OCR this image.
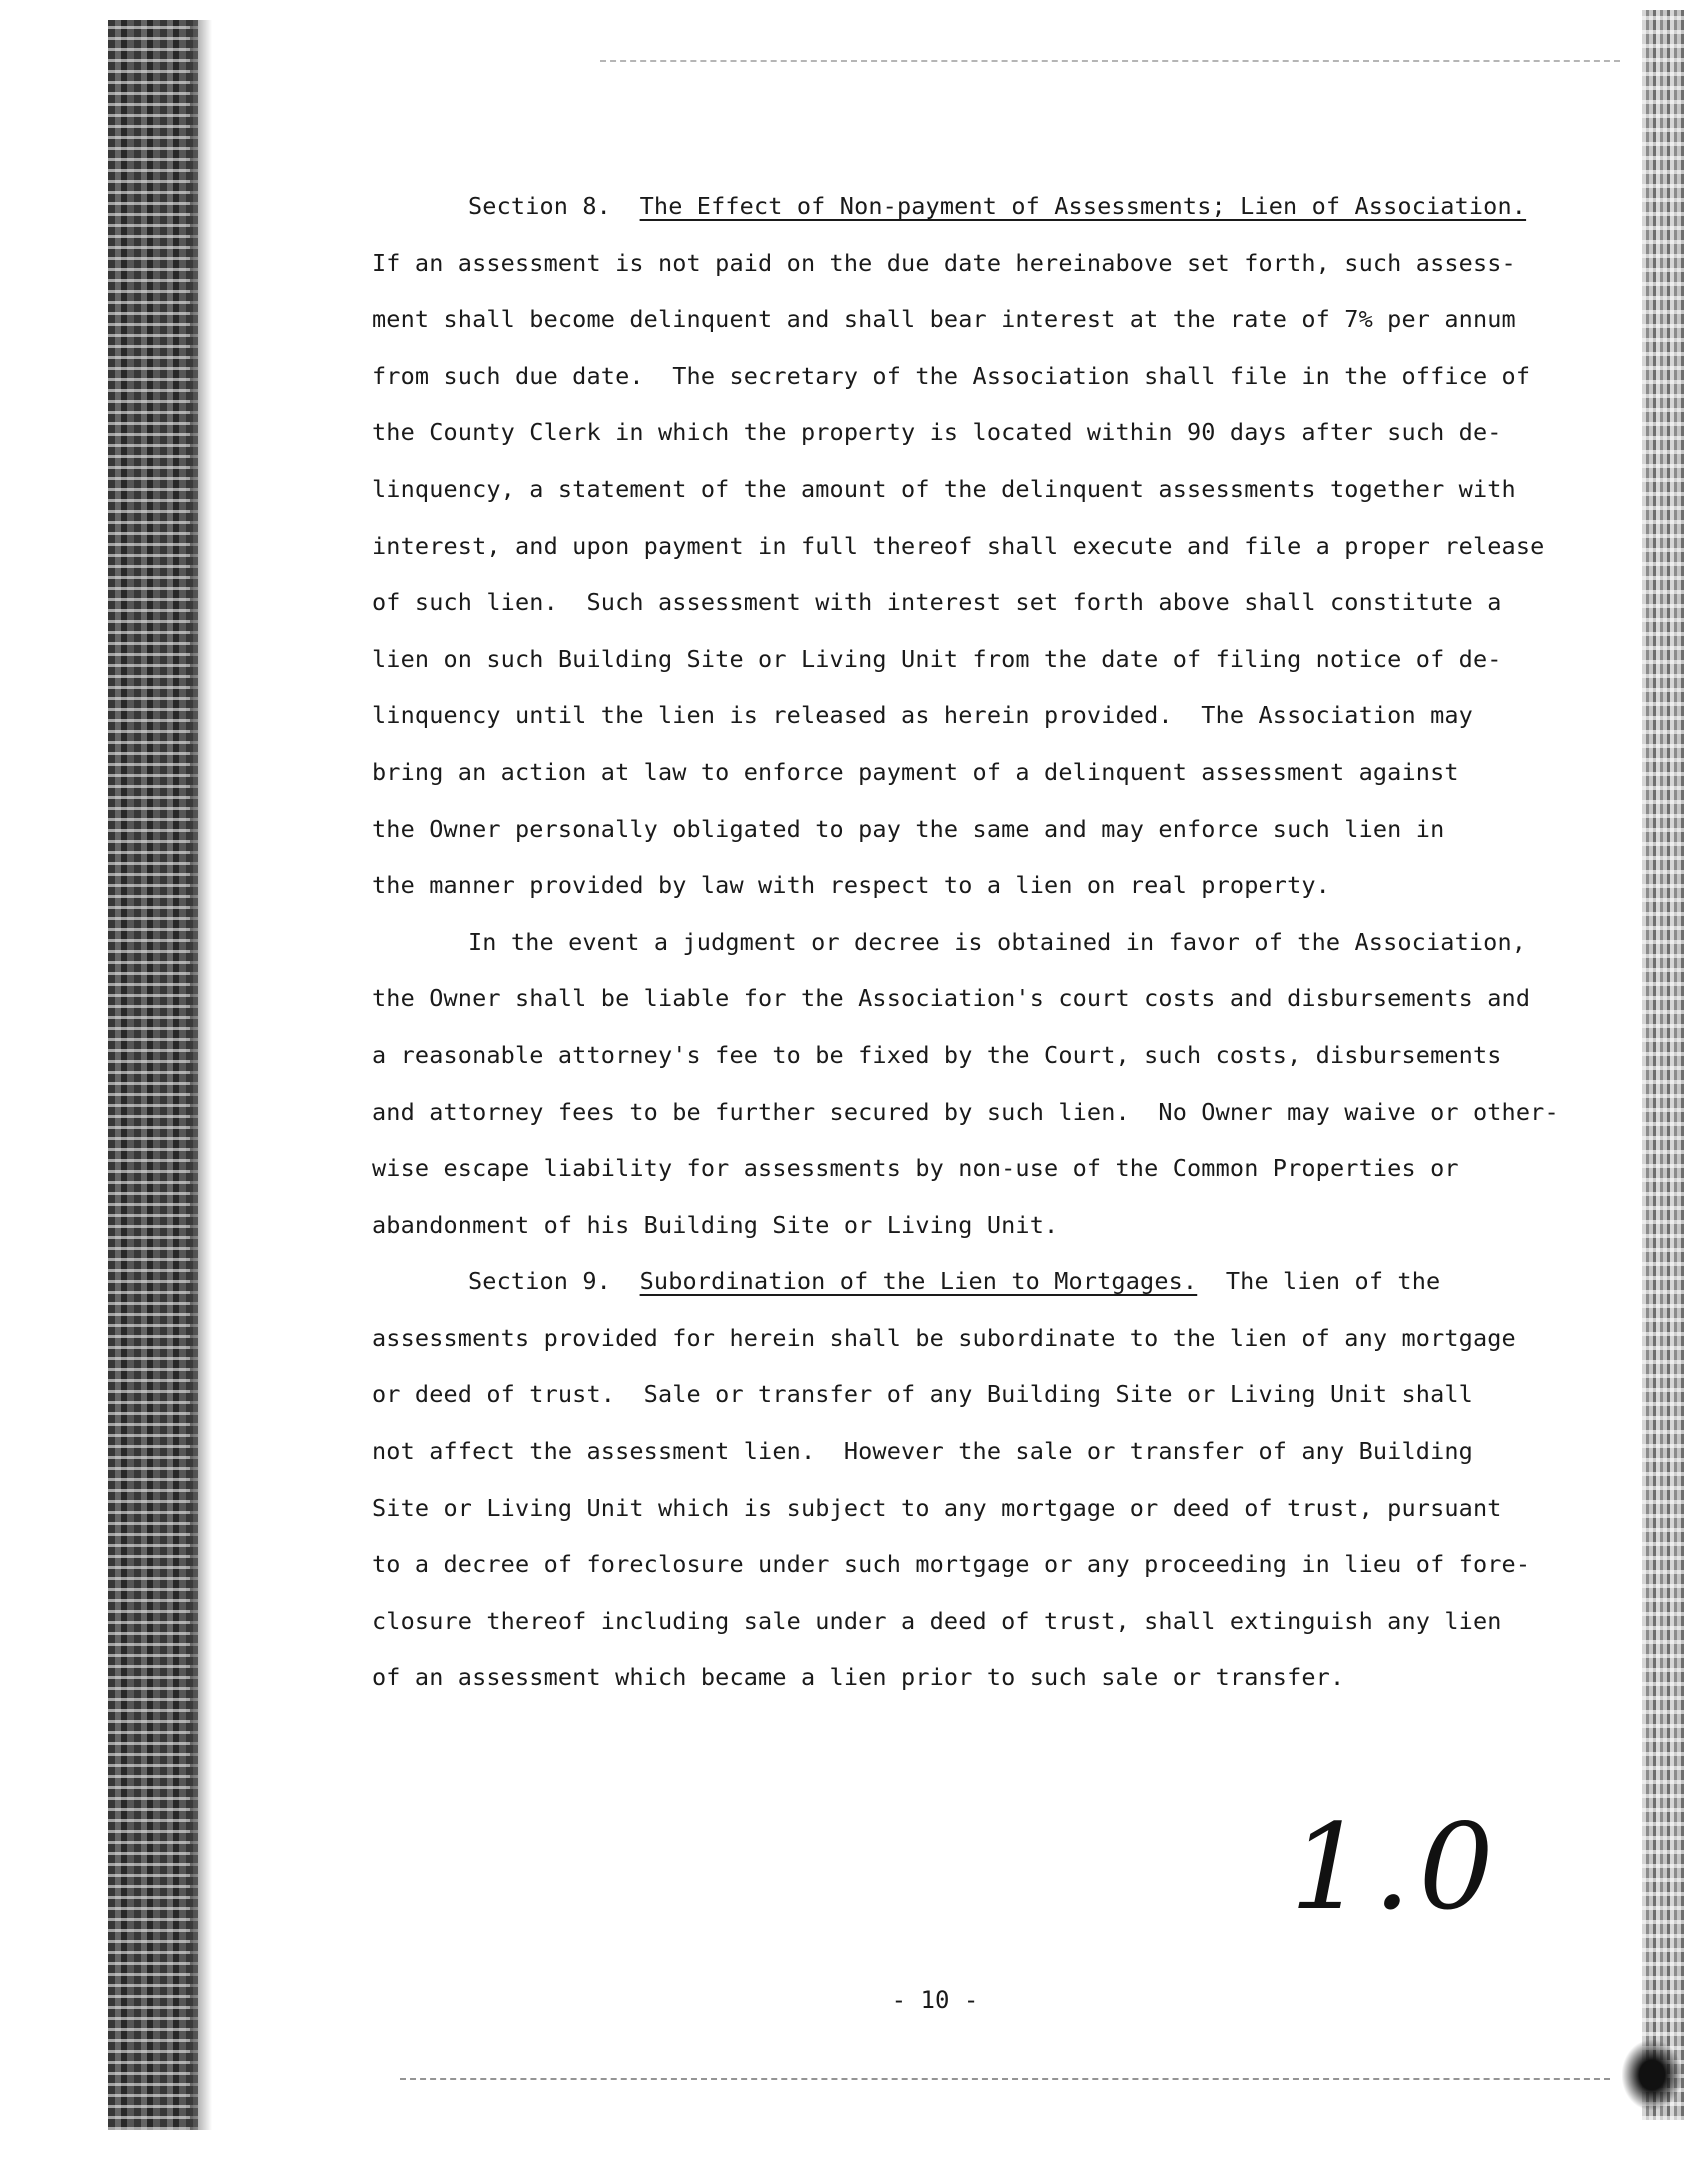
Section 8. The Effect of Non-payment of Assessments; Lien of Association.
If an assessment is not paid on the due date hereinabove set forth, such assess-
ment shall become delinquent and shall bear interest at the rate of 7% per annum
from such due date.  The secretary of the Association shall file in the office of
the County Clerk in which the property is located within 90 days after such de-
linquency, a statement of the amount of the delinquent assessments together with
interest, and upon payment in full thereof shall execute and file a proper release
of such lien.  Such assessment with interest set forth above shall constitute a
lien on such Building Site or Living Unit from the date of filing notice of de-
linquency until the lien is released as herein provided.  The Association may
bring an action at law to enforce payment of a delinquent assessment against
the Owner personally obligated to pay the same and may enforce such lien in
the manner provided by law with respect to a lien on real property.
In the event a judgment or decree is obtained in favor of the Association,
the Owner shall be liable for the Association's court costs and disbursements and
a reasonable attorney's fee to be fixed by the Court, such costs, disbursements
and attorney fees to be further secured by such lien.  No Owner may waive or other-
wise escape liability for assessments by non-use of the Common Properties or
abandonment of his Building Site or Living Unit.
Section 9. Subordination of the Lien to Mortgages. The lien of the
assessments provided for herein shall be subordinate to the lien of any mortgage
or deed of trust.  Sale or transfer of any Building Site or Living Unit shall
not affect the assessment lien.  However the sale or transfer of any Building
Site or Living Unit which is subject to any mortgage or deed of trust, pursuant
to a decree of foreclosure under such mortgage or any proceeding in lieu of fore-
closure thereof including sale under a deed of trust, shall extinguish any lien
of an assessment which became a lien prior to such sale or transfer.
1.0
- 10 -
